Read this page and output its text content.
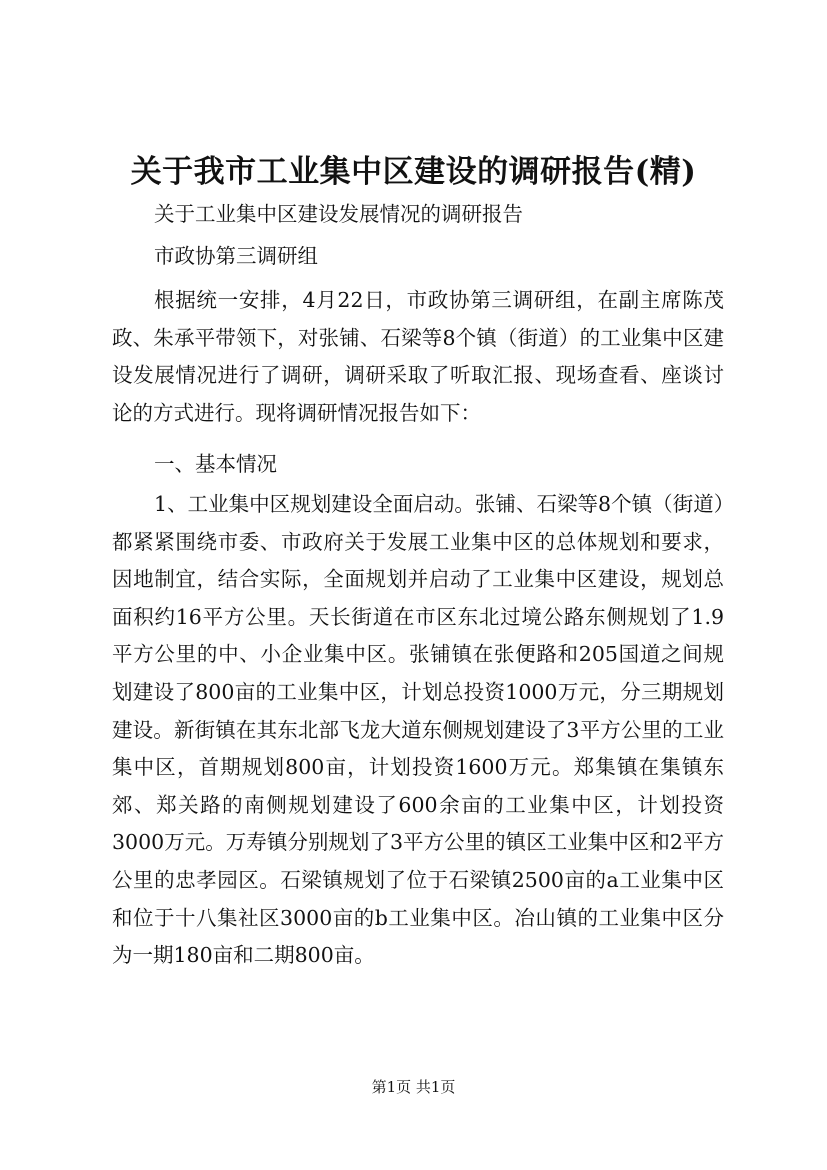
关于我市工业集中区建设的调研报告(精)

关于工业集中区建设发展情况的调研报告

市政协第三调研组

根据统一安排，4月22日，市政协第三调研组，在副主席陈茂政、朱承平带领下，对张铺、石梁等8个镇（街道）的工业集中区建设发展情况进行了调研，调研采取了听取汇报、现场查看、座谈讨论的方式进行。现将调研情况报告如下：

一、基本情况

1、工业集中区规划建设全面启动。张铺、石梁等8个镇（街道）都紧紧围绕市委、市政府关于发展工业集中区的总体规划和要求，因地制宜，结合实际，全面规划并启动了工业集中区建设，规划总面积约16平方公里。天长街道在市区东北过境公路东侧规划了1.9平方公里的中、小企业集中区。张铺镇在张便路和205国道之间规划建设了800亩的工业集中区，计划总投资1000万元，分三期规划建设。新街镇在其东北部飞龙大道东侧规划建设了3平方公里的工业集中区，首期规划800亩，计划投资1600万元。郑集镇在集镇东郊、郑关路的南侧规划建设了600余亩的工业集中区，计划投资3000万元。万寿镇分别规划了3平方公里的镇区工业集中区和2平方公里的忠孝园区。石梁镇规划了位于石梁镇2500亩的a工业集中区和位于十八集社区3000亩的b工业集中区。冶山镇的工业集中区分为一期180亩和二期800亩。

第1页 共1页
